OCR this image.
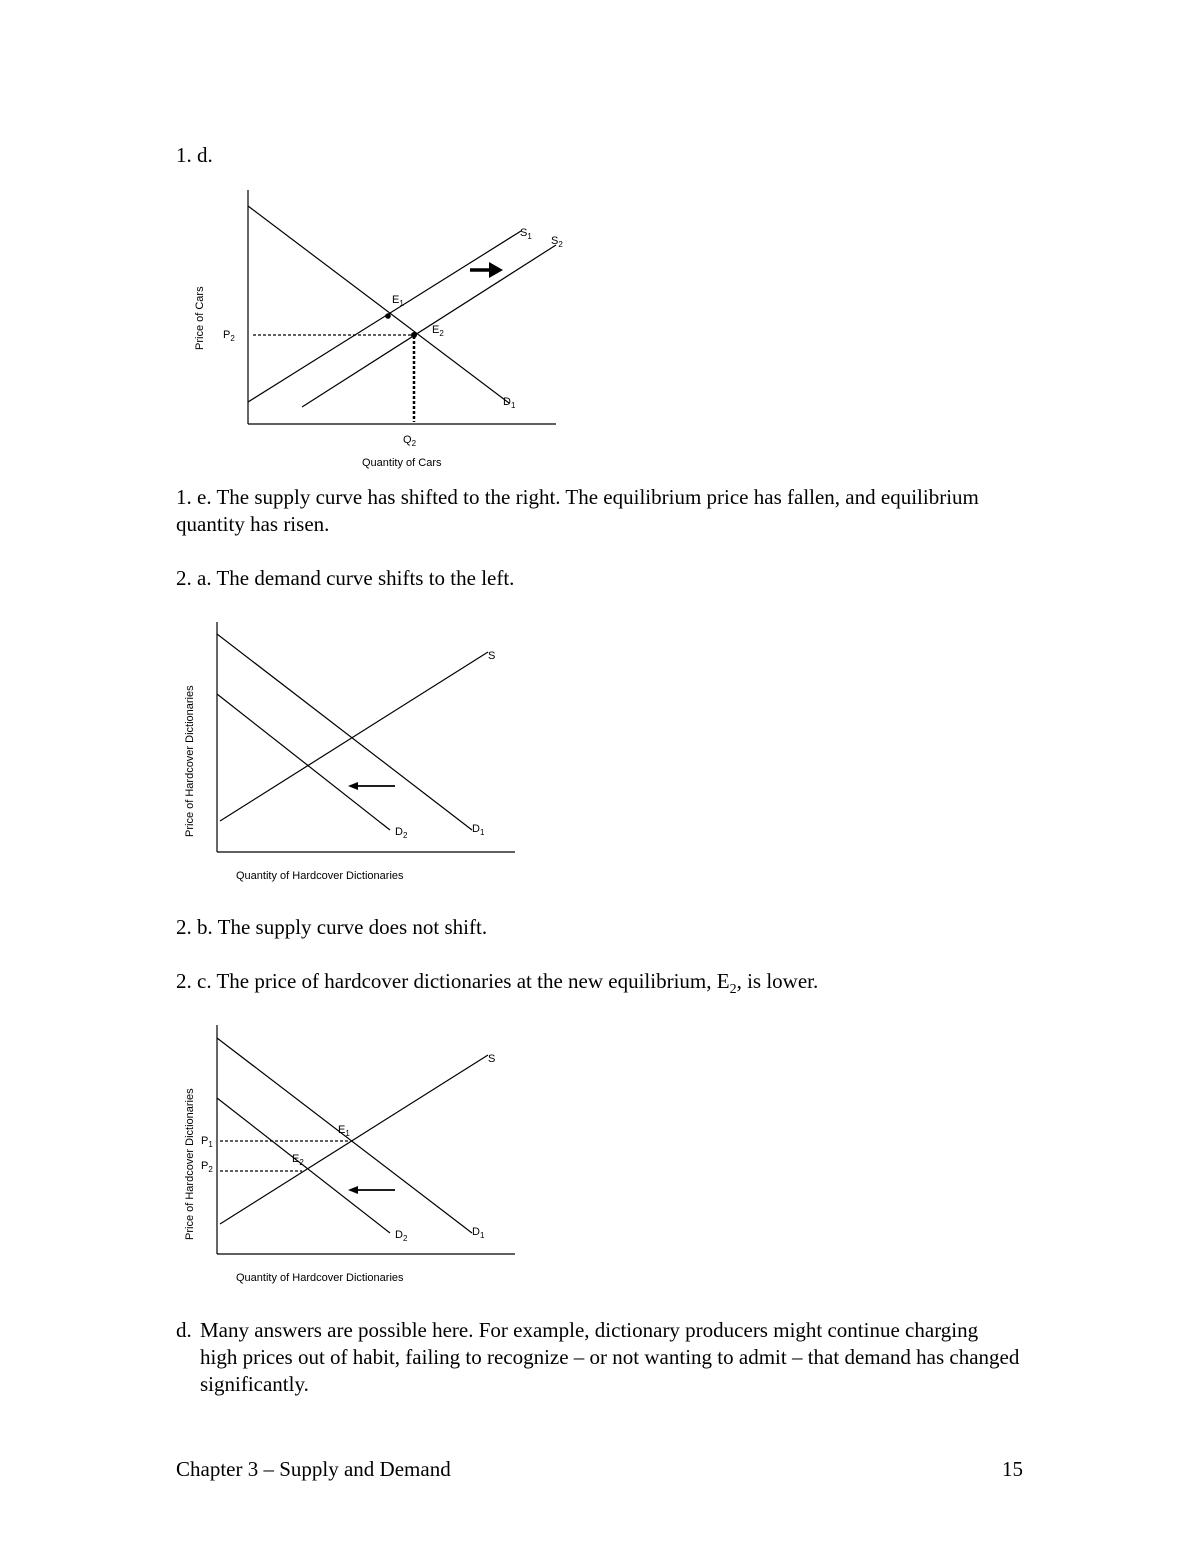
1. d.
Price of Cars
Quantity of Cars
$S_1$ $S_2$
$D_1$
$E_1$
$E_2$
$P_2$
$Q_2$
1. e. The supply curve has shifted to the right. The equilibrium price has fallen, and equilibrium quantity has risen.
2. a. The demand curve shifts to the left.
Price of Hardcover Dictionaries
Quantity of Hardcover Dictionaries
S
$D_1$
$D_2$
2. b. The supply curve does not shift.
2. c. The price of hardcover dictionaries at the new equilibrium, $E_2$, is lower.
Price of Hardcover Dictionaries
Quantity of Hardcover Dictionaries
S
$D_1$
$D_2$
$E_1$
$E_2$
$P_1$
$P_2$
d. Many answers are possible here. For example, dictionary producers might continue charging high prices out of habit, failing to recognize – or not wanting to admit – that demand has changed significantly.
Chapter 3 – Supply and Demand	15
